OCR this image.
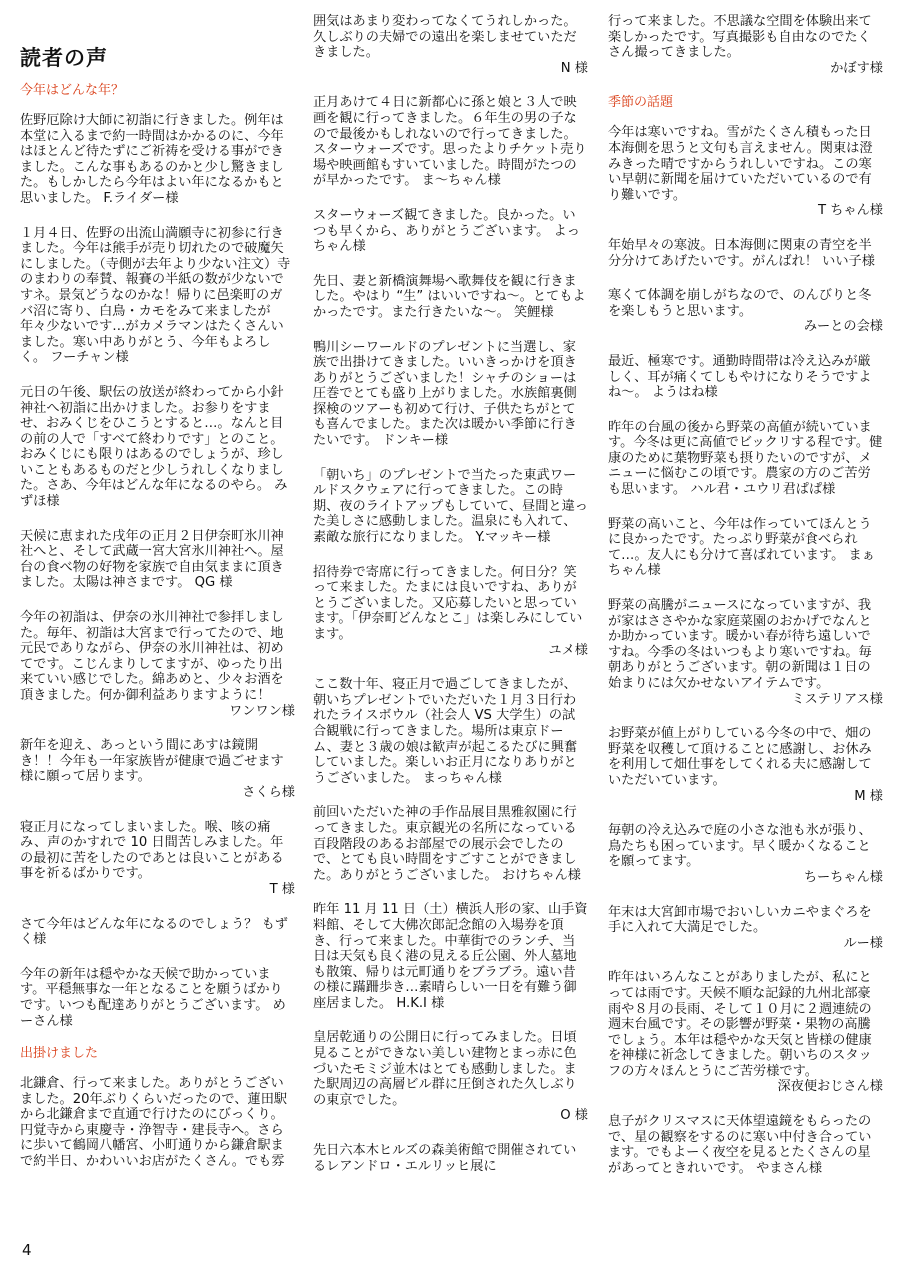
読者の声
今年はどんな年？

佐野厄除け大師に初詣に行きました。例年は本堂に入るまで約一時間はかかるのに、今年はほとんど待たずにご祈祷を受ける事ができました。こんな事もあるのかと少し驚きました。もしかしたら今年はよい年になるかもと思いました。 F.ライダー様

１月４日、佐野の出流山満願寺に初参に行きました。今年は熊手が売り切れたので破魔矢にしました。（寺側が去年より少ない注文）寺のまわりの奉賛、報賽の半紙の数が少ないですネ。景気どうなのかな！帰りに邑楽町のガバ沼に寄り、白鳥・カモをみて来ましたが年々少ないです…がカメラマンはたくさんいました。寒い中ありがとう、今年もよろしく。 フーチャン様

元日の午後、駅伝の放送が終わってから小針神社へ初詣に出かけました。お参りをすませ、おみくじをひこうとすると…。なんと目の前の人で「すべて終わりです」とのこと。おみくじにも限りはあるのでしょうが、珍しいこともあるものだと少しうれしくなりました。さあ、今年はどんな年になるのやら。 みずほ様

天候に恵まれた戌年の正月２日伊奈町氷川神社へと、そして武蔵一宮大宮氷川神社へ。屋台の食べ物の好物を家族で自由気ままに頂きました。太陽は神さまです。 QG 様

今年の初詣は、伊奈の氷川神社で参拝しました。毎年、初詣は大宮まで行ってたので、地元民でありながら、伊奈の氷川神社は、初めてです。こじんまりしてますが、ゆったり出来ていい感じでした。綿あめと、少々お酒を頂きました。何か御利益ありますように！

ワンワン様

新年を迎え、あっという間にあすは鏡開き！！今年も一年家族皆が健康で過ごせます様に願って居ります。

さくら様

寝正月になってしまいました。喉、咳の痛み、声のかすれで 10 日間苦しみました。年の最初に苦をしたのであとは良いことがある事を祈るばかりです。

T 様

さて今年はどんな年になるのでしょう？ もずく様

今年の新年は穏やかな天候で助かっています。平穏無事な一年となることを願うばかりです。いつも配達ありがとうございます。 めーさん様

出掛けました

北鎌倉、行って来ました。ありがとうございました。20年ぶりくらいだったので、蓮田駅から北鎌倉まで直通で行けたのにびっくり。円覚寺から東慶寺・浄智寺・建長寺へ。さらに歩いて鶴岡八幡宮、小町通りから鎌倉駅まで約半日、かわいいお店がたくさん。でも雰

囲気はあまり変わってなくてうれしかった。久しぶりの夫婦での遠出を楽しませていただきました。

N 様

正月あけて４日に新都心に孫と娘と３人で映画を観に行ってきました。６年生の男の子なので最後かもしれないので行ってきました。スターウォーズです。思ったよりチケット売り場や映画館もすいていました。時間がたつのが早かったです。 ま～ちゃん様

スターウォーズ観てきました。良かった。いつも早くから、ありがとうございます。 よっちゃん様

先日、妻と新橋演舞場へ歌舞伎を観に行きました。やはり “生” はいいですね～。とてもよかったです。また行きたいな～。 笑鯉様

鴨川シーワールドのプレゼントに当選し、家族で出掛けてきました。いいきっかけを頂きありがとうございました！シャチのショーは圧巻でとても盛り上がりました。水族館裏側探検のツアーも初めて行け、子供たちがとても喜んでました。また次は暖かい季節に行きたいです。 ドンキー様

「朝いち」のプレゼントで当たった東武ワールドスクウェアに行ってきました。この時期、夜のライトアップもしていて、昼間と違った美しさに感動しました。温泉にも入れて、素敵な旅行になりました。 Y.マッキー様

招待券で寄席に行ってきました。何日分？笑って来ました。たまには良いですね、ありがとうございました。又応募したいと思っています。「伊奈町どんなとこ」は楽しみにしています。

ユメ様

ここ数十年、寝正月で過ごしてきましたが、朝いちプレゼントでいただいた１月３日行われたライスボウル（社会人 VS 大学生）の試合観戦に行ってきました。場所は東京ドーム、妻と３歳の娘は歓声が起こるたびに興奮していました。楽しいお正月になりありがとうございました。 まっちゃん様

前回いただいた神の手作品展目黒雅叙園に行ってきました。東京観光の名所になっている百段階段のあるお部屋での展示会でしたので、とても良い時間をすごすことができました。ありがとうございました。 おけちゃん様

昨年 11 月 11 日（土）横浜人形の家、山手資料館、そして大佛次郎記念館の入場券を頂き、行って来ました。中華街でのランチ、当日は天気も良く港の見える丘公園、外人墓地も散策、帰りは元町通りをブラブラ。遠い昔の様に蹣跚歩き…素晴らしい一日を有難う御座居ました。 H.K.I 様

皇居乾通りの公開日に行ってみました。日頃見ることができない美しい建物とまっ赤に色づいたモミジ並木はとても感動しました。また駅周辺の高層ビル群に圧倒された久しぶりの東京でした。

O 様

先日六本木ヒルズの森美術館で開催されているレアンドロ・エルリッヒ展に

行って来ました。不思議な空間を体験出来て楽しかったです。写真撮影も自由なのでたくさん撮ってきました。

かぼす様

季節の話題

今年は寒いですね。雪がたくさん積もった日本海側を思うと文句も言えません。関東は澄みきった晴ですからうれしいですね。この寒い早朝に新聞を届けていただいているので有り難いです。

T ちゃん様

年始早々の寒波。日本海側に関東の青空を半分分けてあげたいです。がんばれ！ いい子様

寒くて体調を崩しがちなので、のんびりと冬を楽しもうと思います。

みーとの会様

最近、極寒です。通勤時間帯は冷え込みが厳しく、耳が痛くてしもやけになりそうですよね～。 ようはね様

昨年の台風の後から野菜の高値が続いています。今冬は更に高値でビックリする程です。健康のために葉物野菜も摂りたいのですが、メニューに悩むこの頃です。農家の方のご苦労も思います。 ハル君・ユウリ君ぱぱ様

野菜の高いこと、今年は作っていてほんとうに良かったです。たっぷり野菜が食べられて…。友人にも分けて喜ばれています。 まぁちゃん様

野菜の高騰がニュースになっていますが、我が家はささやかな家庭菜園のおかげでなんとか助かっています。暖かい春が待ち遠しいですね。今季の冬はいつもより寒いですね。毎朝ありがとうございます。朝の新聞は１日の始まりには欠かせないアイテムです。

ミステリアス様

お野菜が値上がりしている今冬の中で、畑の野菜を収穫して頂けることに感謝し、お休みを利用して畑仕事をしてくれる夫に感謝していただいています。

M 様

毎朝の冷え込みで庭の小さな池も氷が張り、鳥たちも困っています。早く暖かくなることを願ってます。

ちーちゃん様

年末は大宮卸市場でおいしいカニやまぐろを手に入れて大満足でした。

ルー様

昨年はいろんなことがありましたが、私にとっては雨です。天候不順な記録的九州北部豪雨や８月の長雨、そして１０月に２週連続の週末台風です。その影響が野菜・果物の高騰でしょう。本年は穏やかな天気と皆様の健康を神様に祈念してきました。朝いちのスタッフの方々ほんとうにご苦労様です。

深夜便おじさん様

息子がクリスマスに天体望遠鏡をもらったので、星の観察をするのに寒い中付き合っています。でもよーく夜空を見るとたくさんの星があってときれいです。 やまさん様

4
